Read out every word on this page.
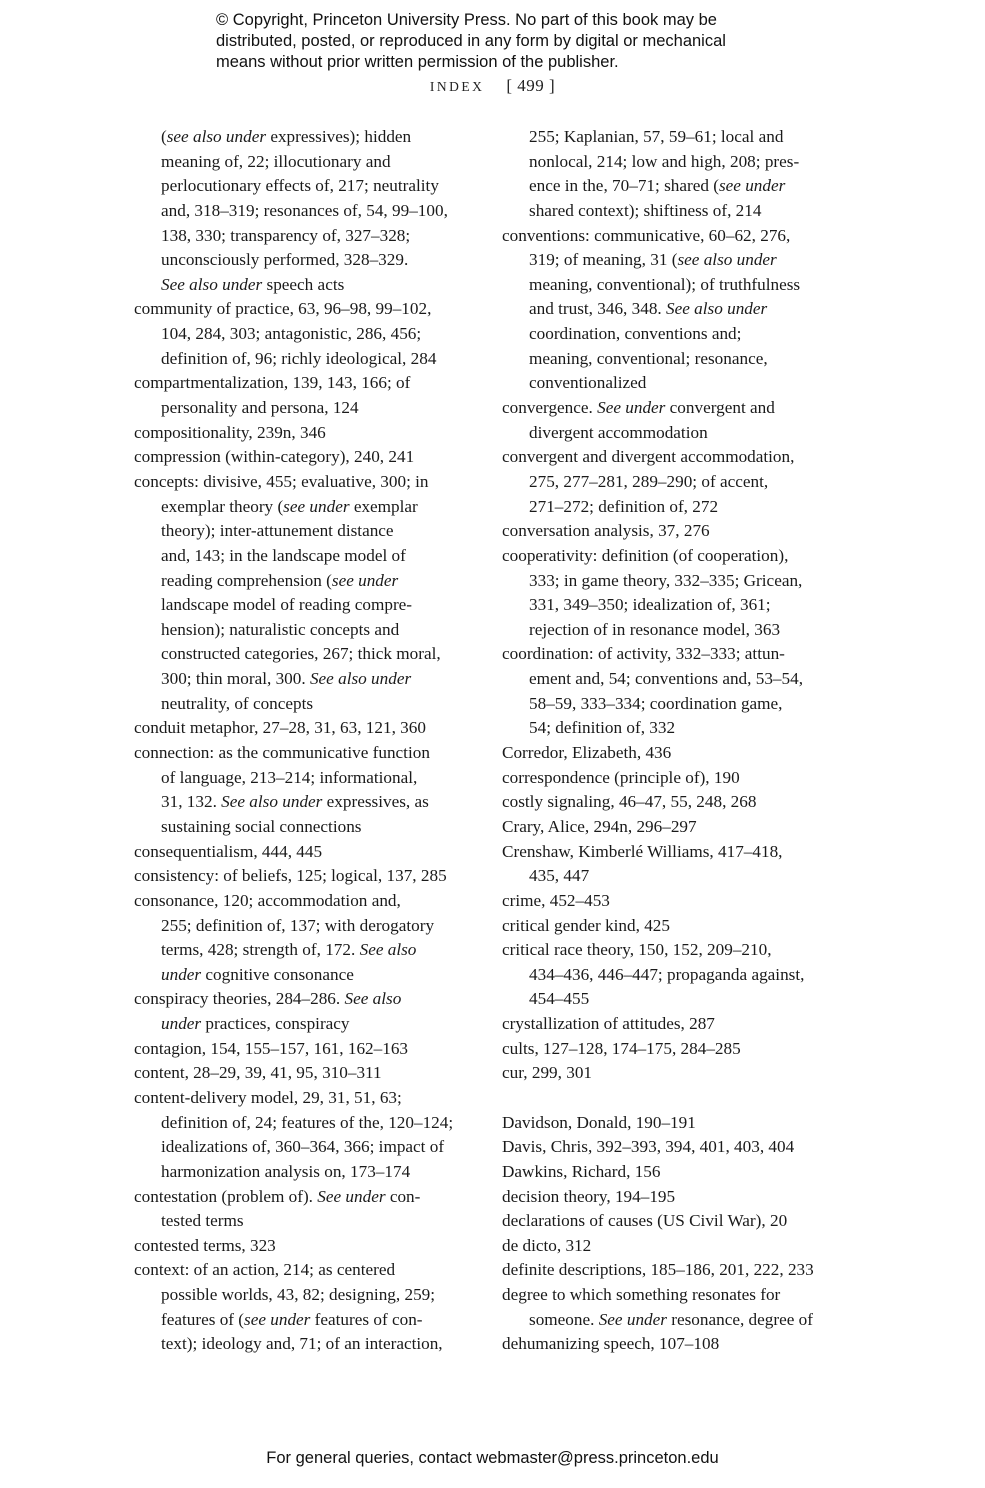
© Copyright, Princeton University Press. No part of this book may be
distributed, posted, or reproduced in any form by digital or mechanical
means without prior written permission of the publisher.
INDEX [ 499 ]
(see also under expressives); hidden
meaning of, 22; illocutionary and
perlocutionary effects of, 217; neutrality
and, 318–319; resonances of, 54, 99–100,
138, 330; transparency of, 327–328;
unconsciously performed, 328–329.
See also under speech acts
community of practice, 63, 96–98, 99–102,
104, 284, 303; antagonistic, 286, 456;
definition of, 96; richly ideological, 284
compartmentalization, 139, 143, 166; of
personality and persona, 124
compositionality, 239n, 346
compression (within-category), 240, 241
concepts: divisive, 455; evaluative, 300; in
exemplar theory (see under exemplar
theory); inter-attunement distance
and, 143; in the landscape model of
reading comprehension (see under
landscape model of reading compre-
hension); naturalistic concepts and
constructed categories, 267; thick moral,
300; thin moral, 300. See also under
neutrality, of concepts
conduit metaphor, 27–28, 31, 63, 121, 360
connection: as the communicative function
of language, 213–214; informational,
31, 132. See also under expressives, as
sustaining social connections
consequentialism, 444, 445
consistency: of beliefs, 125; logical, 137, 285
consonance, 120; accommodation and,
255; definition of, 137; with derogatory
terms, 428; strength of, 172. See also
under cognitive consonance
conspiracy theories, 284–286. See also
under practices, conspiracy
contagion, 154, 155–157, 161, 162–163
content, 28–29, 39, 41, 95, 310–311
content-delivery model, 29, 31, 51, 63;
definition of, 24; features of the, 120–124;
idealizations of, 360–364, 366; impact of
harmonization analysis on, 173–174
contestation (problem of). See under con-
tested terms
contested terms, 323
context: of an action, 214; as centered
possible worlds, 43, 82; designing, 259;
features of (see under features of con-
text); ideology and, 71; of an interaction,
255; Kaplanian, 57, 59–61; local and
nonlocal, 214; low and high, 208; pres-
ence in the, 70–71; shared (see under
shared context); shiftiness of, 214
conventions: communicative, 60–62, 276,
319; of meaning, 31 (see also under
meaning, conventional); of truthfulness
and trust, 346, 348. See also under
coordination, conventions and;
meaning, conventional; resonance,
conventionalized
convergence. See under convergent and
divergent accommodation
convergent and divergent accommodation,
275, 277–281, 289–290; of accent,
271–272; definition of, 272
conversation analysis, 37, 276
cooperativity: definition (of cooperation),
333; in game theory, 332–335; Gricean,
331, 349–350; idealization of, 361;
rejection of in resonance model, 363
coordination: of activity, 332–333; attun-
ement and, 54; conventions and, 53–54,
58–59, 333–334; coordination game,
54; definition of, 332
Corredor, Elizabeth, 436
correspondence (principle of), 190
costly signaling, 46–47, 55, 248, 268
Crary, Alice, 294n, 296–297
Crenshaw, Kimberlé Williams, 417–418,
435, 447
crime, 452–453
critical gender kind, 425
critical race theory, 150, 152, 209–210,
434–436, 446–447; propaganda against,
454–455
crystallization of attitudes, 287
cults, 127–128, 174–175, 284–285
cur, 299, 301
Davidson, Donald, 190–191
Davis, Chris, 392–393, 394, 401, 403, 404
Dawkins, Richard, 156
decision theory, 194–195
declarations of causes (US Civil War), 20
de dicto, 312
definite descriptions, 185–186, 201, 222, 233
degree to which something resonates for
someone. See under resonance, degree of
dehumanizing speech, 107–108
For general queries, contact webmaster@press.princeton.edu
